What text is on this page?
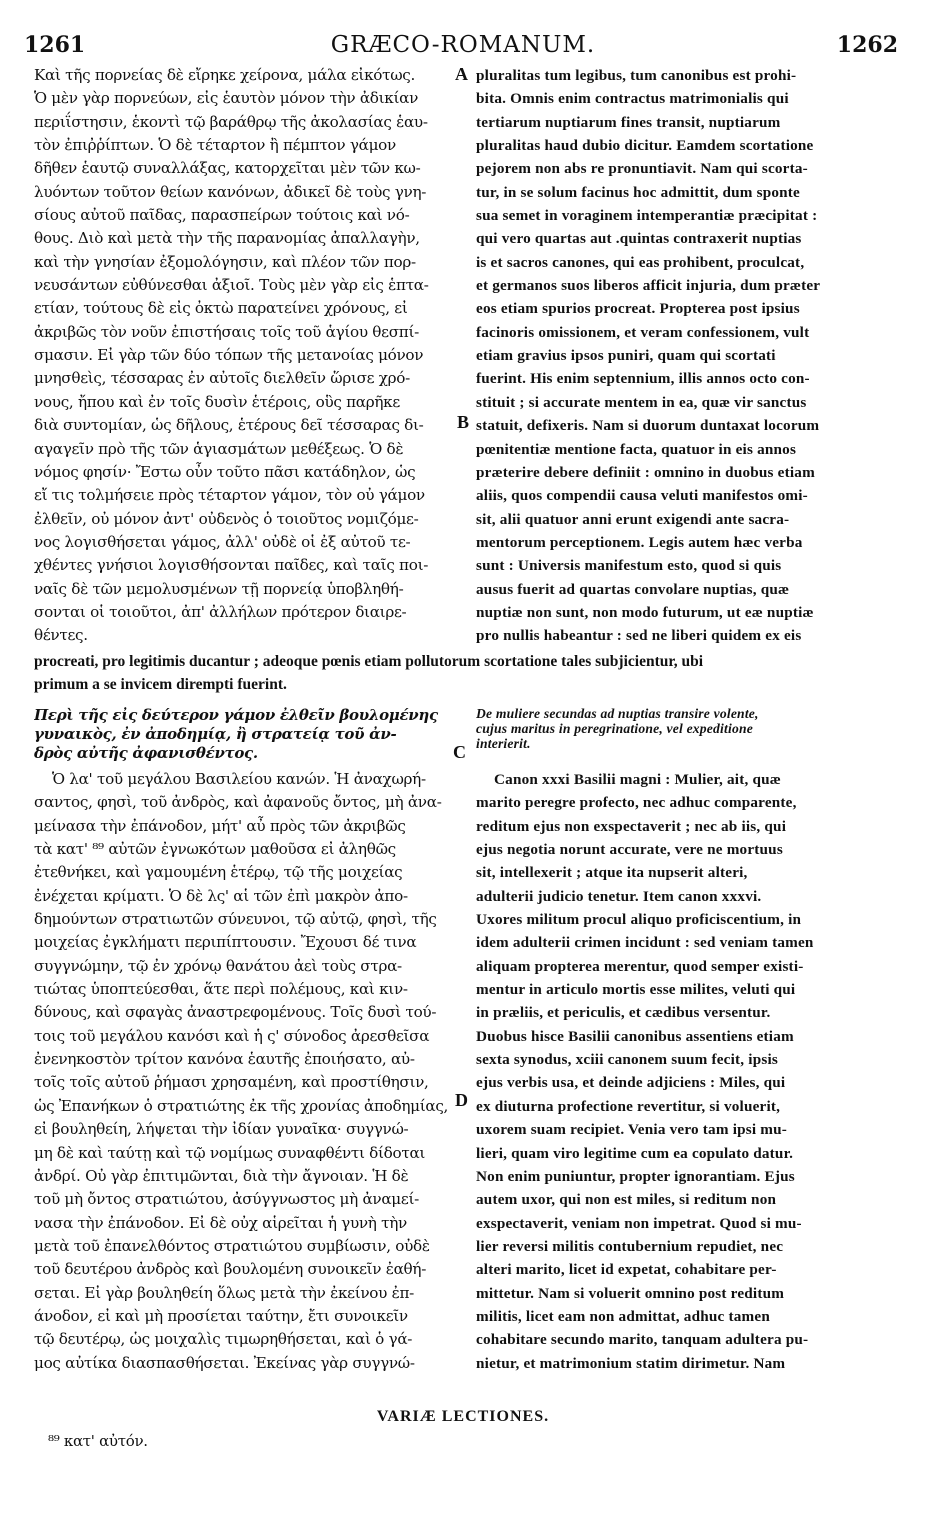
1261	GRÆCO-ROMANUM.	1262
Καὶ τῆς πορνείας δὲ εἴρηκε χείρονα, μάλα εἰκότως.
Ὁ μὲν γὰρ πορνεύων, εἰς ἑαυτὸν μόνον τὴν ἀδικίαν
περιΐστησιν, ἑκοντὶ τῷ βαράθρῳ τῆς ἀκολασίας ἑαυ-
τὸν ἐπιῤῥίπτων. Ὁ δὲ τέταρτον ἢ πέμπτον γάμον
δῆθεν ἑαυτῷ συναλλάξας, κατορχεῖται μὲν τῶν κω-
λυόντων τοῦτον θείων κανόνων, ἀδικεῖ δὲ τοὺς γνη-
σίους αὐτοῦ παῖδας, παρασπείρων τούτοις καὶ νό-
θους. Διὸ καὶ μετὰ τὴν τῆς παρανομίας ἀπαλλαγὴν,
καὶ τὴν γνησίαν ἐξομολόγησιν, καὶ πλέον τῶν πορ-
νευσάντων εὐθύνεσθαι ἀξιοῖ. Τοὺς μὲν γὰρ εἰς ἑπτα-
ετίαν, τούτους δὲ εἰς ὀκτὼ παρατείνει χρόνους, εἰ
ἀκριβῶς τὸν νοῦν ἐπιστήσαις τοῖς τοῦ ἁγίου θεσπί-
σμασιν. Εἰ γὰρ τῶν δύο τόπων τῆς μετανοίας μόνον
μνησθεὶς, τέσσαρας ἐν αὐτοῖς διελθεῖν ὥρισε χρό-
νους, ἤπου καὶ ἐν τοῖς δυσὶν ἑτέροις, οὓς παρῆκε
διὰ συντομίαν, ὡς δῆλους, ἑτέρους δεῖ τέσσαρας δι-
αγαγεῖν πρὸ τῆς τῶν ἁγιασμάτων μεθέξεως. Ὁ δὲ
νόμος φησίν· Ἔστω οὖν τοῦτο πᾶσι κατάδηλον, ὡς
εἴ τις τολμήσειε πρὸς τέταρτον γάμον, τὸν οὐ γάμον
ἐλθεῖν, οὐ μόνον ἀντ' οὐδενὸς ὁ τοιοῦτος νομιζόμε-
νος λογισθήσεται γάμος, ἀλλ' οὐδὲ οἱ ἐξ αὐτοῦ τε-
χθέντες γνήσιοι λογισθήσονται παῖδες, καὶ ταῖς ποι-
ναῖς δὲ τῶν μεμολυσμένων τῇ πορνείᾳ ὑποβληθή-
σονται οἱ τοιοῦτοι, ἀπ' ἀλλήλων πρότερον διαιρε-
θέντες.
pluralitas tum legibus, tum canonibus est prohi-
bita. Omnis enim contractus matrimonialis qui
tertiarum nuptiarum fines transit, nuptiarum
pluralitas haud dubio dicitur. Eamdem scortatione
pejorem non abs re pronuntiavit. Nam qui scorta-
tur, in se solum facinus hoc admittit, dum sponte
sua semet in voraginem intemperantiæ præcipitat :
qui vero quartas aut .quintas contraxerit nuptias
is et sacros canones, qui eas prohibent, proculcat,
et germanos suos liberos afficit injuria, dum præter
eos etiam spurios procreat. Propterea post ipsius
facinoris omissionem, et veram confessionem, vult
etiam gravius ipsos puniri, quam qui scortati
fuerint. His enim septennium, illis annos octo con-
stituit ; si accurate mentem in ea, quæ vir sanctus
statuit, defixeris. Nam si duorum duntaxat locorum
pœnitentiæ mentione facta, quatuor in eis annos
præterire debere definiit : omnino in duobus etiam
aliis, quos compendii causa veluti manifestos omi-
sit, alii quatuor anni erunt exigendi ante sacra-
mentorum perceptionem. Legis autem hæc verba
sunt : Universis manifestum esto, quod si quis
ausus fuerit ad quartas convolare nuptias, quæ
nuptiæ non sunt, non modo futurum, ut eæ nuptiæ
pro nullis habeantur : sed ne liberi quidem ex eis
A
B
C
D
procreati, pro legitimis ducantur ; adeoque pœnis etiam pollutorum scortatione tales subjicientur, ubi
primum a se invicem dirempti fuerint.
Περὶ τῆς εἰς δεύτερον γάμον ἐλθεῖν βουλομένης
γυναικὸς, ἐν ἀποδημίᾳ, ἢ στρατείᾳ τοῦ ἀν-
δρὸς αὐτῆς ἀφανισθέντος.
De muliere secundas ad nuptias transire volente,
cujus maritus in peregrinatione, vel expeditione
interierit.
Ὁ λα' τοῦ μεγάλου Βασιλείου κανών. Ἡ ἀναχωρή-
σαντος, φησὶ, τοῦ ἀνδρὸς, καὶ ἀφανοῦς ὄντος, μὴ ἀνα-
μείνασα τὴν ἐπάνοδον, μήτ' αὖ πρὸς τῶν ἀκριβῶς
τὰ κατ' ⁸⁹ αὐτῶν ἐγνωκότων μαθοῦσα εἰ ἀληθῶς
ἐτεθνήκει, καὶ γαμουμένη ἑτέρῳ, τῷ τῆς μοιχείας
ἐνέχεται κρίματι. Ὁ δὲ λς' αἱ τῶν ἐπὶ μακρὸν ἀπο-
δημούντων στρατιωτῶν σύνευνοι, τῷ αὐτῷ, φησὶ, τῆς
μοιχείας ἐγκλήματι περιπίπτουσιν. Ἔχουσι δέ τινα
συγγνώμην, τῷ ἐν χρόνῳ θανάτου ἀεὶ τοὺς στρα-
τιώτας ὑποπτεύεσθαι, ἅτε περὶ πολέμους, καὶ κιν-
δύνους, καὶ σφαγὰς ἀναστρεφομένους. Τοῖς δυσὶ τού-
τοις τοῦ μεγάλου κανόσι καὶ ἡ ς' σύνοδος ἀρεσθεῖσα
ἐνενηκοστὸν τρίτον κανόνα ἑαυτῆς ἐποιήσατο, αὐ-
τοῖς τοῖς αὐτοῦ ῥήμασι χρησαμένη, καὶ προστίθησιν,
ὡς Ἐπανήκων ὁ στρατιώτης ἐκ τῆς χρονίας ἀποδημίας,
εἰ βουληθείη, λήψεται τὴν ἰδίαν γυναῖκα· συγγνώ-
μη δὲ καὶ ταύτῃ καὶ τῷ νομίμως συναφθέντι δίδοται
ἀνδρί. Οὐ γὰρ ἐπιτιμῶνται, διὰ τὴν ἄγνοιαν. Ἡ δὲ
τοῦ μὴ ὄντος στρατιώτου, ἀσύγγνωστος μὴ ἀναμεί-
νασα τὴν ἐπάνοδον. Εἰ δὲ οὐχ αἱρεῖται ἡ γυνὴ τὴν
μετὰ τοῦ ἐπανελθόντος στρατιώτου συμβίωσιν, οὐδὲ
τοῦ δευτέρου ἀνδρὸς καὶ βουλομένη συνοικεῖν ἐαθή-
σεται. Εἰ γὰρ βουληθείη ὅλως μετὰ τὴν ἐκείνου ἐπ-
άνοδον, εἰ καὶ μὴ προσίεται ταύτην, ἔτι συνοικεῖν
τῷ δευτέρῳ, ὡς μοιχαλὶς τιμωρηθήσεται, καὶ ὁ γά-
μος αὐτίκα διασπασθήσεται. Ἐκείνας γὰρ συγγνώ-
Canon xxxi Basilii magni : Mulier, ait, quæ
marito peregre profecto, nec adhuc comparente,
reditum ejus non exspectaverit ; nec ab iis, qui
ejus negotia norunt accurate, vere ne mortuus
sit, intellexerit ; atque ita nupserit alteri,
adulterii judicio tenetur. Item canon xxxvi.
Uxores militum procul aliquo proficiscentium, in
idem adulterii crimen incidunt : sed veniam tamen
aliquam propterea merentur, quod semper existi-
mentur in articulo mortis esse milites, veluti qui
in præliis, et periculis, et cædibus versentur.
Duobus hisce Basilii canonibus assentiens etiam
sexta synodus, xciii canonem suum fecit, ipsis
ejus verbis usa, et deinde adjiciens : Miles, qui
ex diuturna profectione revertitur, si voluerit,
uxorem suam recipiet. Venia vero tam ipsi mu-
lieri, quam viro legitime cum ea copulato datur.
Non enim puniuntur, propter ignorantiam. Ejus
autem uxor, qui non est miles, si reditum non
exspectaverit, veniam non impetrat. Quod si mu-
lier reversi militis contubernium repudiet, nec
alteri marito, licet id expetat, cohabitare per-
mittetur. Nam si voluerit omnino post reditum
militis, licet eam non admittat, adhuc tamen
cohabitare secundo marito, tanquam adultera pu-
nietur, et matrimonium statim dirimetur. Nam
VARIÆ LECTIONES.
⁸⁹ κατ' αὐτόν.
